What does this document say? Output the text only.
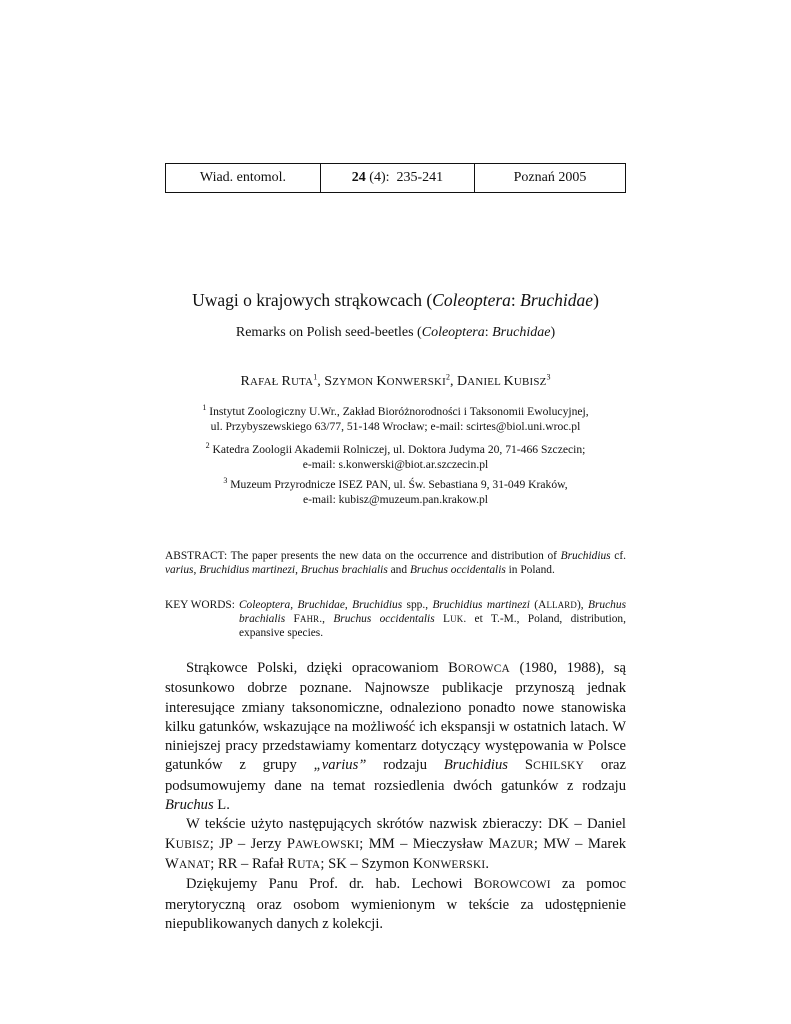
Wiad. entomol.	24 (4):  235-241	Poznań 2005
Uwagi o krajowych strąkowcach (Coleoptera: Bruchidae)
Remarks on Polish seed-beetles (Coleoptera: Bruchidae)
RAFAŁ RUTA$^1$, SZYMON KONWERSKI$^2$, DANIEL KUBISZ$^3$
$^1$ Instytut Zoologiczny U.Wr., Zakład Bioróżnorodności i Taksonomii Ewolucyjnej,
ul. Przybyszewskiego 63/77, 51-148 Wrocław; e-mail: scirtes@biol.uni.wroc.pl
$^2$ Katedra Zoologii Akademii Rolniczej, ul. Doktora Judyma 20, 71-466 Szczecin;
e-mail: s.konwerski@biot.ar.szczecin.pl
$^3$ Muzeum Przyrodnicze ISEZ PAN, ul. Św. Sebastiana 9, 31-049 Kraków,
e-mail: kubisz@muzeum.pan.krakow.pl
ABSTRACT: The paper presents the new data on the occurrence and distribution of Bruchidius cf. varius, Bruchidius martinezi, Bruchus brachialis and Bruchus occidentalis in Poland.
KEY WORDS: Coleoptera, Bruchidae, Bruchidius spp., Bruchidius martinezi (ALLARD), Bruchus brachialis FAHR., Bruchus occidentalis LUK. et T.-M., Poland, distribution, expansive species.

Strąkowce Polski, dzięki opracowaniom BOROWCA (1980, 1988), są stosunkowo dobrze poznane. Najnowsze publikacje przynoszą jednak interesujące zmiany taksonomiczne, odnaleziono ponadto nowe stanowiska kilku gatunków, wskazujące na możliwość ich ekspansji w ostatnich latach. W niniejszej pracy przedstawiamy komentarz dotyczący występowania w Polsce gatunków z grupy „varius” rodzaju Bruchidius SCHILSKY oraz podsumowujemy dane na temat rozsiedlenia dwóch gatunków z rodzaju Bruchus L.

W tekście użyto następujących skrótów nazwisk zbieraczy: DK – Daniel KUBISZ; JP – Jerzy PAWŁOWSKI; MM – Mieczysław MAZUR; MW – Marek WANAT; RR – Rafał RUTA; SK – Szymon KONWERSKI.

Dziękujemy Panu Prof. dr. hab. Lechowi BOROWCOWI za pomoc merytoryczną oraz osobom wymienionym w tekście za udostępnienie niepublikowanych danych z kolekcji.
